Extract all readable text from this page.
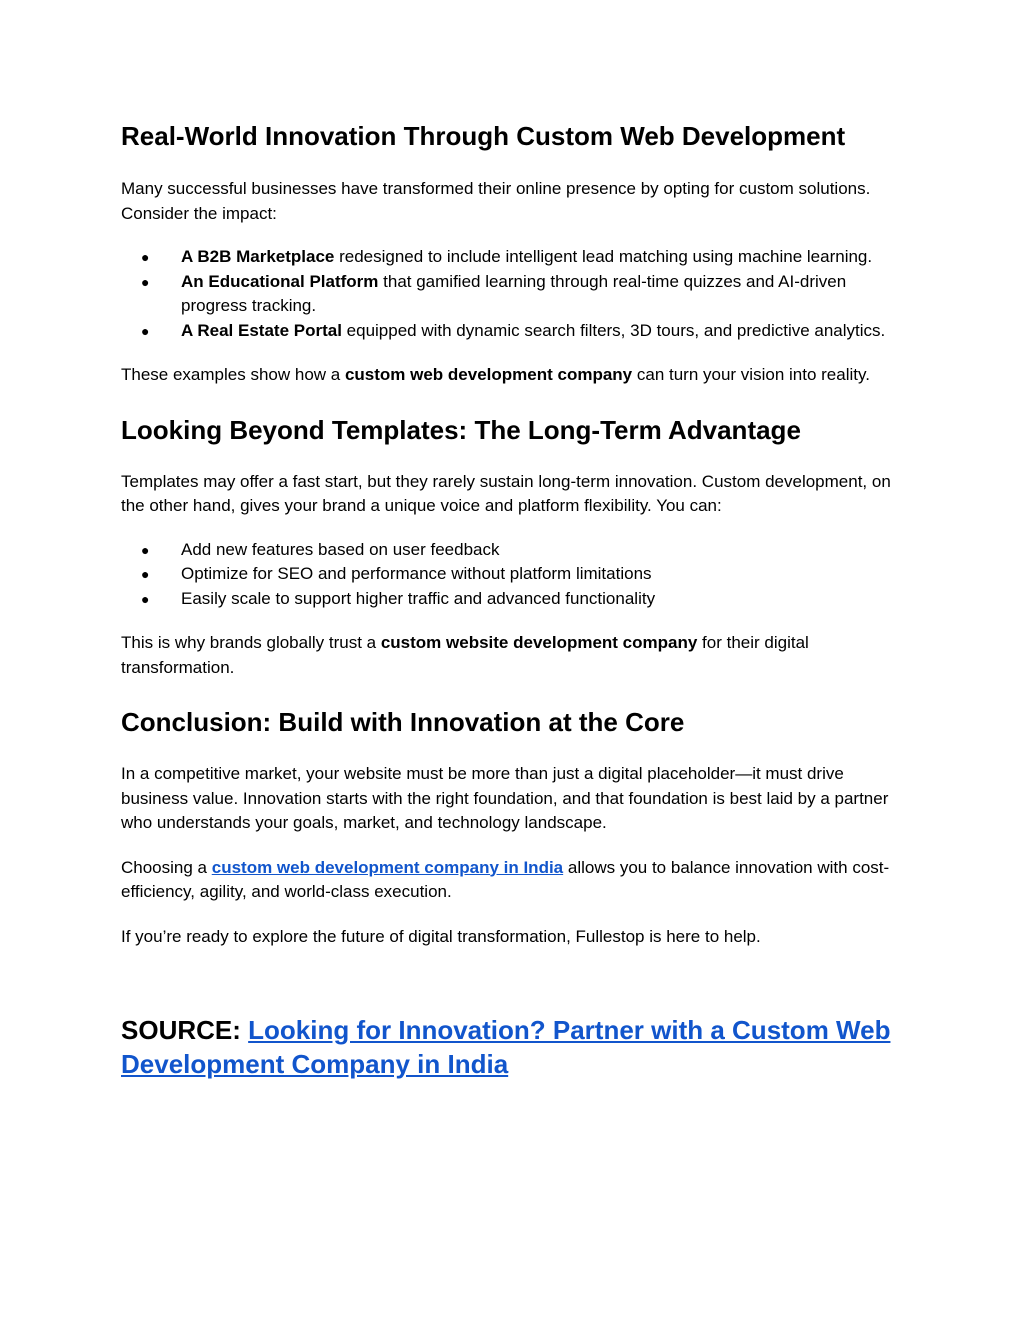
Real-World Innovation Through Custom Web Development

Many successful businesses have transformed their online presence by opting for custom solutions. Consider the impact:

●	A B2B Marketplace redesigned to include intelligent lead matching using machine learning.
●	An Educational Platform that gamified learning through real-time quizzes and AI-driven progress tracking.
●	A Real Estate Portal equipped with dynamic search filters, 3D tours, and predictive analytics.

These examples show how a custom web development company can turn your vision into reality.

Looking Beyond Templates: The Long-Term Advantage

Templates may offer a fast start, but they rarely sustain long-term innovation. Custom development, on the other hand, gives your brand a unique voice and platform flexibility. You can:

●	Add new features based on user feedback
●	Optimize for SEO and performance without platform limitations
●	Easily scale to support higher traffic and advanced functionality

This is why brands globally trust a custom website development company for their digital transformation.

Conclusion: Build with Innovation at the Core

In a competitive market, your website must be more than just a digital placeholder—it must drive business value. Innovation starts with the right foundation, and that foundation is best laid by a partner who understands your goals, market, and technology landscape.

Choosing a custom web development company in India allows you to balance innovation with cost-efficiency, agility, and world-class execution.

If you’re ready to explore the future of digital transformation, Fullestop is here to help.

SOURCE: Looking for Innovation? Partner with a Custom Web Development Company in India
